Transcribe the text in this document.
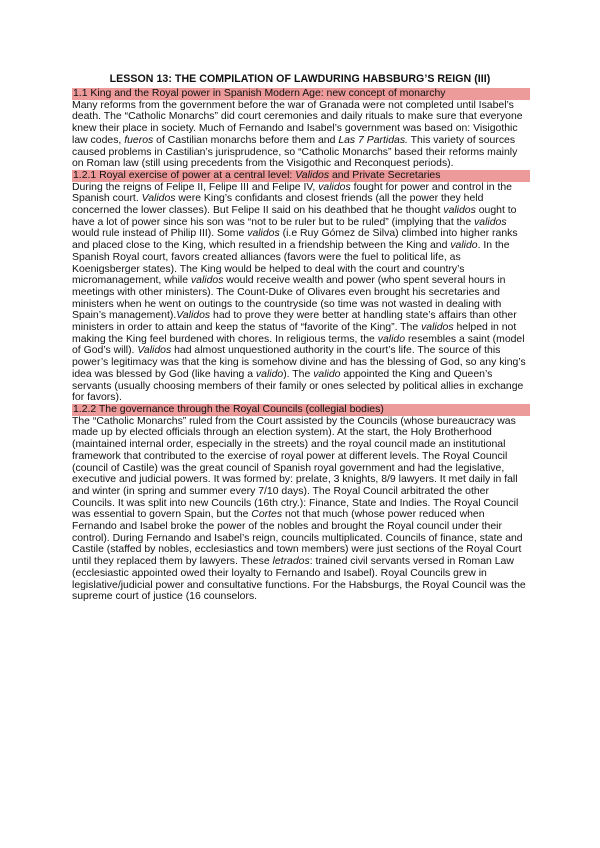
LESSON 13: THE COMPILATION OF LAWDURING HABSBURG’S REIGN (III)

1.1 King and the Royal power in Spanish Modern Age: new concept of monarchy

Many reforms from the government before the war of Granada were not completed until Isabel’s death. The “Catholic Monarchs” did court ceremonies and daily rituals to make sure that everyone knew their place in society. Much of Fernando and Isabel’s government was based on: Visigothic law codes, fueros of Castilian monarchs before them and Las 7 Partidas. This variety of sources caused problems in Castilian’s jurisprudence, so “Catholic Monarchs” based their reforms mainly on Roman law (still using precedents from the Visigothic and Reconquest periods).

1.2.1 Royal exercise of power at a central level: Validos and Private Secretaries

During the reigns of Felipe II, Felipe III and Felipe IV, validos fought for power and control in the Spanish court. Validos were King’s confidants and closest friends (all the power they held concerned the lower classes). But Felipe II said on his deathbed that he thought validos ought to have a lot of power since his son was “not to be ruler but to be ruled” (implying that the validos would rule instead of Philip III). Some validos (i.e Ruy Gómez de Silva) climbed into higher ranks and placed close to the King, which resulted in a friendship between the King and valido. In the Spanish Royal court, favors created alliances (favors were the fuel to political life, as Koenigsberger states). The King would be helped to deal with the court and country’s micromanagement, while validos would receive wealth and power (who spent several hours in meetings with other ministers). The Count-Duke of Olivares even brought his secretaries and ministers when he went on outings to the countryside (so time was not wasted in dealing with Spain’s management).Validos had to prove they were better at handling state’s affairs than other ministers in order to attain and keep the status of “favorite of the King”. The validos helped in not making the King feel burdened with chores. In religious terms, the valido resembles a saint (model of God’s will). Validos had almost unquestioned authority in the court’s life. The source of this power’s legitimacy was that the king is somehow divine and has the blessing of God, so any king’s idea was blessed by God (like having a valido). The valido appointed the King and Queen’s servants (usually choosing members of their family or ones selected by political allies in exchange for favors).

1.2.2 The governance through the Royal Councils (collegial bodies)

The “Catholic Monarchs” ruled from the Court assisted by the Councils (whose bureaucracy was made up by elected officials through an election system). At the start, the Holy Brotherhood (maintained internal order, especially in the streets) and the royal council made an institutional framework that contributed to the exercise of royal power at different levels. The Royal Council (council of Castile) was the great council of Spanish royal government and had the legislative, executive and judicial powers. It was formed by: prelate, 3 knights, 8/9 lawyers. It met daily in fall and winter (in spring and summer every 7/10 days). The Royal Council arbitrated the other Councils. It was split into new Councils (16th ctry.): Finance, State and Indies. The Royal Council was essential to govern Spain, but the Cortes not that much (whose power reduced when Fernando and Isabel broke the power of the nobles and brought the Royal council under their control). During Fernando and Isabel’s reign, councils multiplicated. Councils of finance, state and Castile (staffed by nobles, ecclesiastics and town members) were just sections of the Royal Court until they replaced them by lawyers. These letrados: trained civil servants versed in Roman Law (ecclesiastic appointed owed their loyalty to Fernando and Isabel). Royal Councils grew in legislative/judicial power and consultative functions. For the Habsburgs, the Royal Council was the supreme court of justice (16 counselors.
